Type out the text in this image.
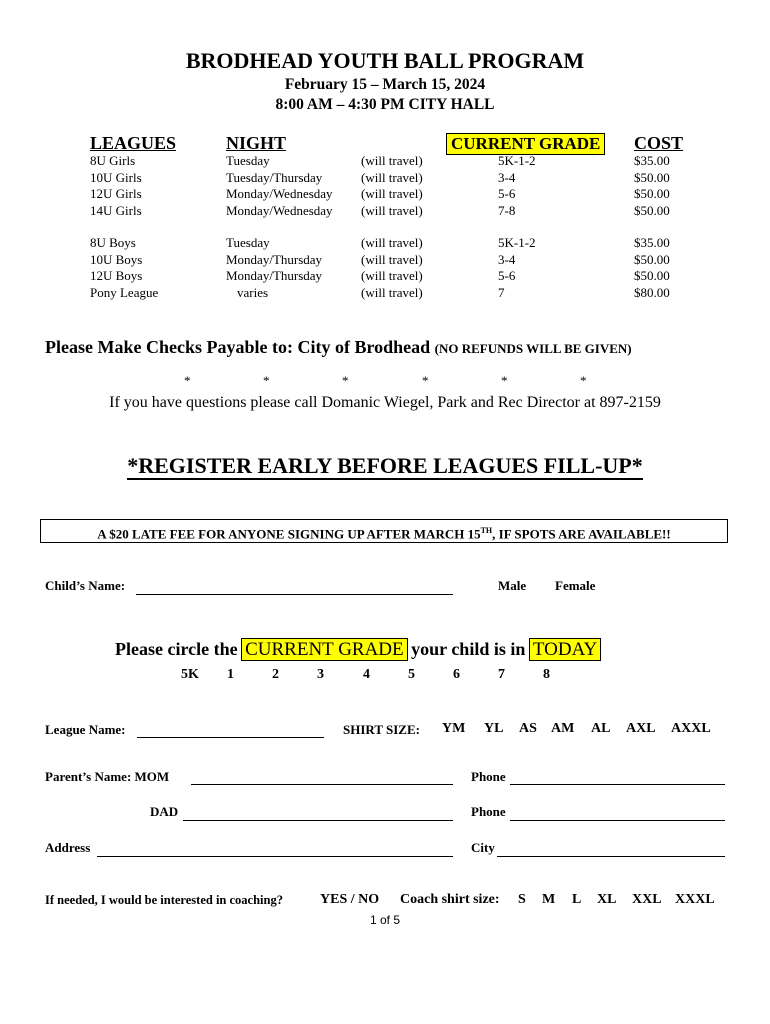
BRODHEAD YOUTH BALL PROGRAM
February 15 – March 15, 2024
8:00 AM – 4:30 PM CITY HALL
LEAGUES	NIGHT	CURRENT GRADE COST
8U Girls	Tuesday	(will travel)	5K-1-2	$35.00
10U Girls	Tuesday/Thursday	(will travel)	3-4	$50.00
12U Girls	Monday/Wednesday (will travel)	5-6	$50.00
14U Girls	Monday/Wednesday (will travel)	7-8	$50.00
8U Boys	Tuesday	(will travel)	5K-1-2	$35.00
10U Boys	Monday/Thursday	(will travel)	3-4	$50.00
12U Boys	Monday/Thursday	(will travel)	5-6	$50.00
Pony League	varies	(will travel)	7	$80.00
Please Make Checks Payable to: City of Brodhead (NO REFUNDS WILL BE GIVEN)
*	*	*	*	*	*
If you have questions please call Domanic Wiegel, Park and Rec Director at 897-2159
*REGISTER EARLY BEFORE LEAGUES FILL-UP*
A $20 LATE FEE FOR ANYONE SIGNING UP AFTER MARCH 15TH, IF SPOTS ARE AVAILABLE!!
Child’s Name:	Male Female
Please circle the CURRENT GRADE your child is in TODAY
5K 1	2	3	4	5	6	7	8
League Name:	SHIRT SIZE: YM YL AS AM AL AXL AXXL
Parent’s Name: MOM	Phone
DAD	Phone
Address	City
If needed, I would be interested in coaching?	YES / NO Coach shirt size: S M L XL XXL XXXL
1 of 5
